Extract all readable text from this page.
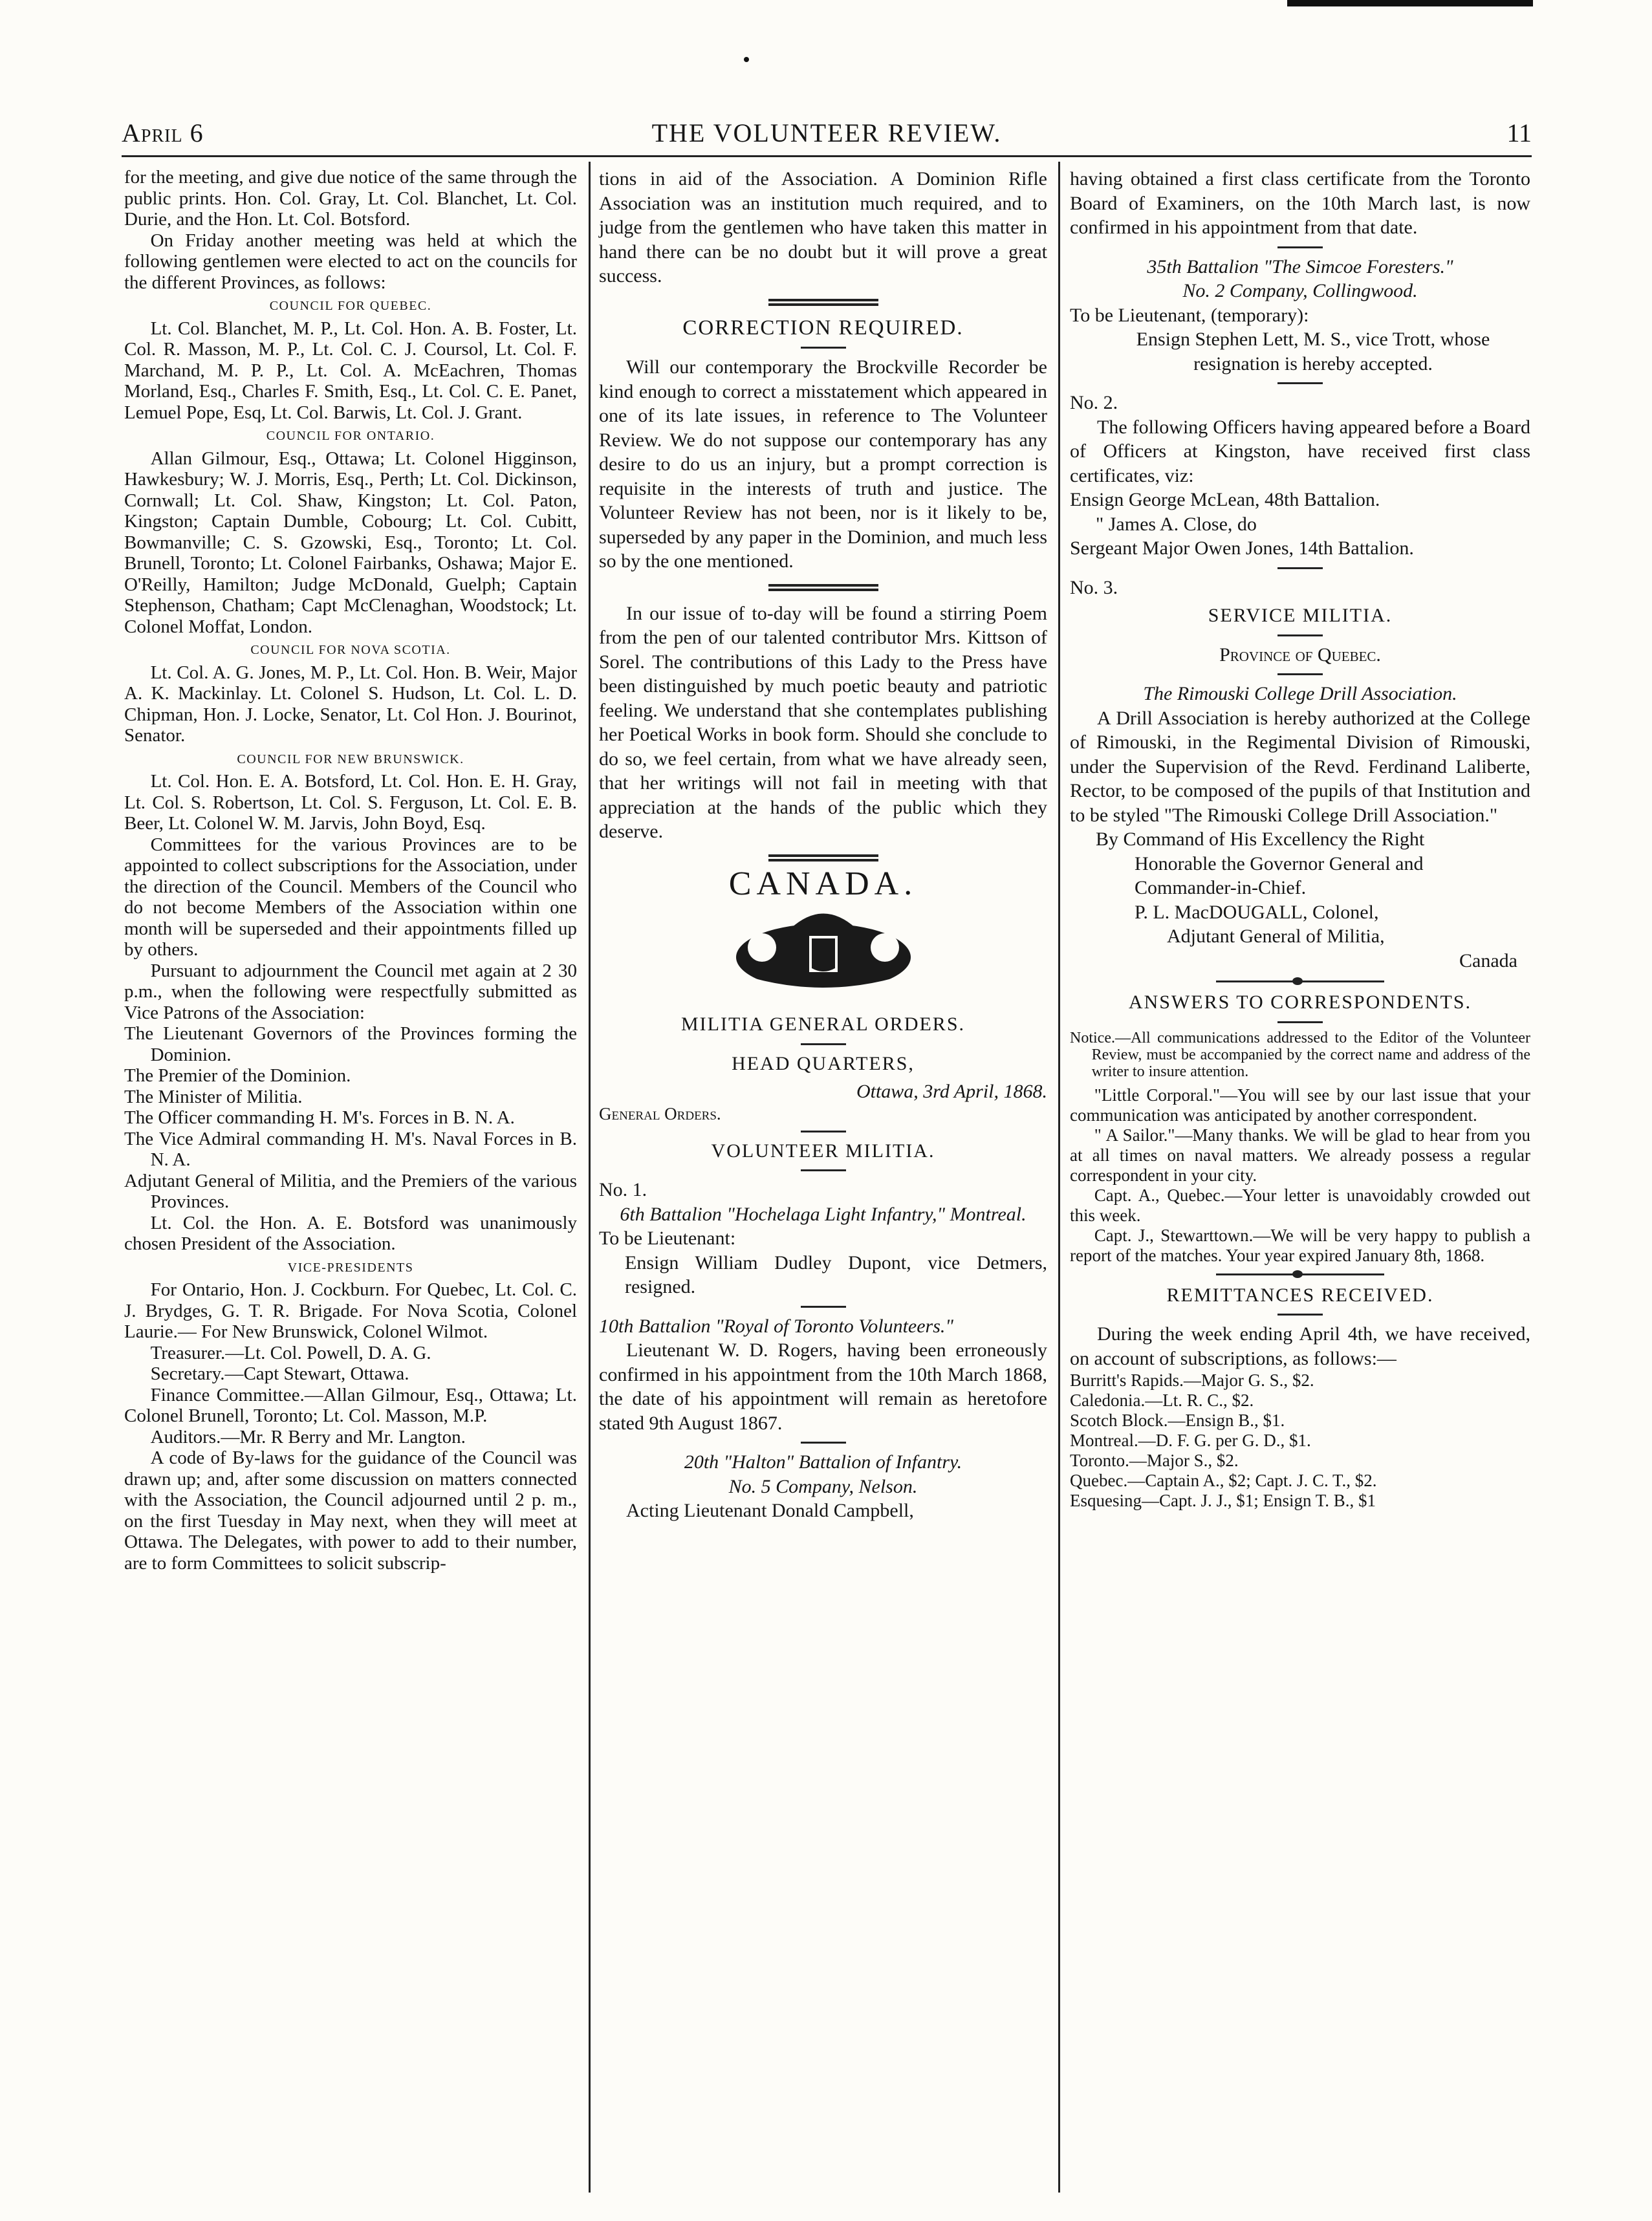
April 6	THE VOLUNTEER REVIEW.	11

for the meeting, and give due notice of the same through the public prints. Hon. Col. Gray, Lt. Col. Blanchet, Lt. Col. Durie, and the Hon. Lt. Col. Botsford.

On Friday another meeting was held at which the following gentlemen were elected to act on the councils for the different Provinces, as follows:

COUNCIL FOR QUEBEC.

Lt. Col. Blanchet, M. P., Lt. Col. Hon. A. B. Foster, Lt. Col. R. Masson, M. P., Lt. Col. C. J. Coursol, Lt. Col. F. Marchand, M. P. P., Lt. Col. A. McEachren, Thomas Morland, Esq., Charles F. Smith, Esq., Lt. Col. C. E. Panet, Lemuel Pope, Esq, Lt. Col. Barwis, Lt. Col. J. Grant.

COUNCIL FOR ONTARIO.

Allan Gilmour, Esq., Ottawa; Lt. Colonel Higginson, Hawkesbury; W. J. Morris, Esq., Perth; Lt. Col. Dickinson, Cornwall; Lt. Col. Shaw, Kingston; Lt. Col. Paton, Kingston; Captain Dumble, Cobourg; Lt. Col. Cubitt, Bowmanville; C. S. Gzowski, Esq., Toronto; Lt. Col. Brunell, Toronto; Lt. Colonel Fairbanks, Oshawa; Major E. O'Reilly, Hamilton; Judge McDonald, Guelph; Captain Stephenson, Chatham; Capt McClenaghan, Woodstock; Lt. Colonel Moffat, London.

COUNCIL FOR NOVA SCOTIA.

Lt. Col. A. G. Jones, M. P., Lt. Col. Hon. B. Weir, Major A. K. Mackinlay. Lt. Colonel S. Hudson, Lt. Col. L. D. Chipman, Hon. J. Locke, Senator, Lt. Col Hon. J. Bourinot, Senator.

COUNCIL FOR NEW BRUNSWICK.

Lt. Col. Hon. E. A. Botsford, Lt. Col. Hon. E. H. Gray, Lt. Col. S. Robertson, Lt. Col. S. Ferguson, Lt. Col. E. B. Beer, Lt. Colonel W. M. Jarvis, John Boyd, Esq.

Committees for the various Provinces are to be appointed to collect subscriptions for the Association, under the direction of the Council. Members of the Council who do not become Members of the Association within one month will be superseded and their appointments filled up by others.

Pursuant to adjournment the Council met again at 2 30 p.m., when the following were respectfully submitted as Vice Patrons of the Association:

The Lieutenant Governors of the Provinces forming the Dominion.

The Premier of the Dominion.

The Minister of Militia.

The Officer commanding H. M's. Forces in B. N. A.

The Vice Admiral commanding H. M's. Naval Forces in B. N. A.

Adjutant General of Militia, and the Premiers of the various Provinces.

Lt. Col. the Hon. A. E. Botsford was unanimously chosen President of the Association.

VICE-PRESIDENTS

For Ontario, Hon. J. Cockburn. For Quebec, Lt. Col. C. J. Brydges, G. T. R. Brigade. For Nova Scotia, Colonel Laurie.— For New Brunswick, Colonel Wilmot.

Treasurer.—Lt. Col. Powell, D. A. G.

Secretary.—Capt Stewart, Ottawa.

Finance Committee.—Allan Gilmour, Esq., Ottawa; Lt. Colonel Brunell, Toronto; Lt. Col. Masson, M.P.

Auditors.—Mr. R Berry and Mr. Langton.

A code of By-laws for the guidance of the Council was drawn up; and, after some discussion on matters connected with the Association, the Council adjourned until 2 p. m., on the first Tuesday in May next, when they will meet at Ottawa. The Delegates, with power to add to their number, are to form Committees to solicit subscrip-

tions in aid of the Association. A Dominion Rifle Association was an institution much required, and to judge from the gentlemen who have taken this matter in hand there can be no doubt but it will prove a great success.

CORRECTION REQUIRED.

Will our contemporary the Brockville Recorder be kind enough to correct a misstatement which appeared in one of its late issues, in reference to The Volunteer Review. We do not suppose our contemporary has any desire to do us an injury, but a prompt correction is requisite in the interests of truth and justice. The Volunteer Review has not been, nor is it likely to be, superseded by any paper in the Dominion, and much less so by the one mentioned.

In our issue of to-day will be found a stirring Poem from the pen of our talented contributor Mrs. Kittson of Sorel. The contributions of this Lady to the Press have been distinguished by much poetic beauty and patriotic feeling. We understand that she contemplates publishing her Poetical Works in book form. Should she conclude to do so, we feel certain, from what we have already seen, that her writings will not fail in meeting with that appreciation at the hands of the public which they deserve.

CANADA.

MILITIA GENERAL ORDERS.

HEAD QUARTERS,

Ottawa, 3rd April, 1868.

General Orders.

VOLUNTEER MILITIA.

No. 1.

6th Battalion "Hochelaga Light Infantry," Montreal.

To be Lieutenant:

Ensign William Dudley Dupont, vice Detmers, resigned.

10th Battalion "Royal of Toronto Volunteers."

Lieutenant W. D. Rogers, having been erroneously confirmed in his appointment from the 10th March 1868, the date of his appointment will remain as heretofore stated 9th August 1867.

20th "Halton" Battalion of Infantry.

No. 5 Company, Nelson.

Acting Lieutenant Donald Campbell,

having obtained a first class certificate from the Toronto Board of Examiners, on the 10th March last, is now confirmed in his appointment from that date.

35th Battalion "The Simcoe Foresters."

No. 2 Company, Collingwood.

To be Lieutenant, (temporary):

Ensign Stephen Lett, M. S., vice Trott, whose resignation is hereby accepted.

No. 2.

The following Officers having appeared before a Board of Officers at Kingston, have received first class certificates, viz:

Ensign George McLean, 48th Battalion.

" James A. Close, do

Sergeant Major Owen Jones, 14th Battalion.

No. 3.

SERVICE MILITIA.

Province of Quebec.

The Rimouski College Drill Association.

A Drill Association is hereby authorized at the College of Rimouski, in the Regimental Division of Rimouski, under the Supervision of the Revd. Ferdinand Laliberte, Rector, to be composed of the pupils of that Institution and to be styled "The Rimouski College Drill Association."

By Command of His Excellency the Right

Honorable the Governor General and

Commander-in-Chief.

P. L. MacDOUGALL, Colonel,

Adjutant General of Militia,

Canada

ANSWERS TO CORRESPONDENTS.

Notice.—All communications addressed to the Editor of the Volunteer Review, must be accompanied by the correct name and address of the writer to insure attention.

"Little Corporal."—You will see by our last issue that your communication was anticipated by another correspondent.

" A Sailor."—Many thanks. We will be glad to hear from you at all times on naval matters. We already possess a regular correspondent in your city.

Capt. A., Quebec.—Your letter is unavoidably crowded out this week.

Capt. J., Stewarttown.—We will be very happy to publish a report of the matches. Your year expired January 8th, 1868.

REMITTANCES RECEIVED.

During the week ending April 4th, we have received, on account of subscriptions, as follows:—

Burritt's Rapids.—Major G. S., $2.

Caledonia.—Lt. R. C., $2.

Scotch Block.—Ensign B., $1.

Montreal.—D. F. G. per G. D., $1.

Toronto.—Major S., $2.

Quebec.—Captain A., $2; Capt. J. C. T., $2.

Esquesing—Capt. J. J., $1; Ensign T. B., $1
